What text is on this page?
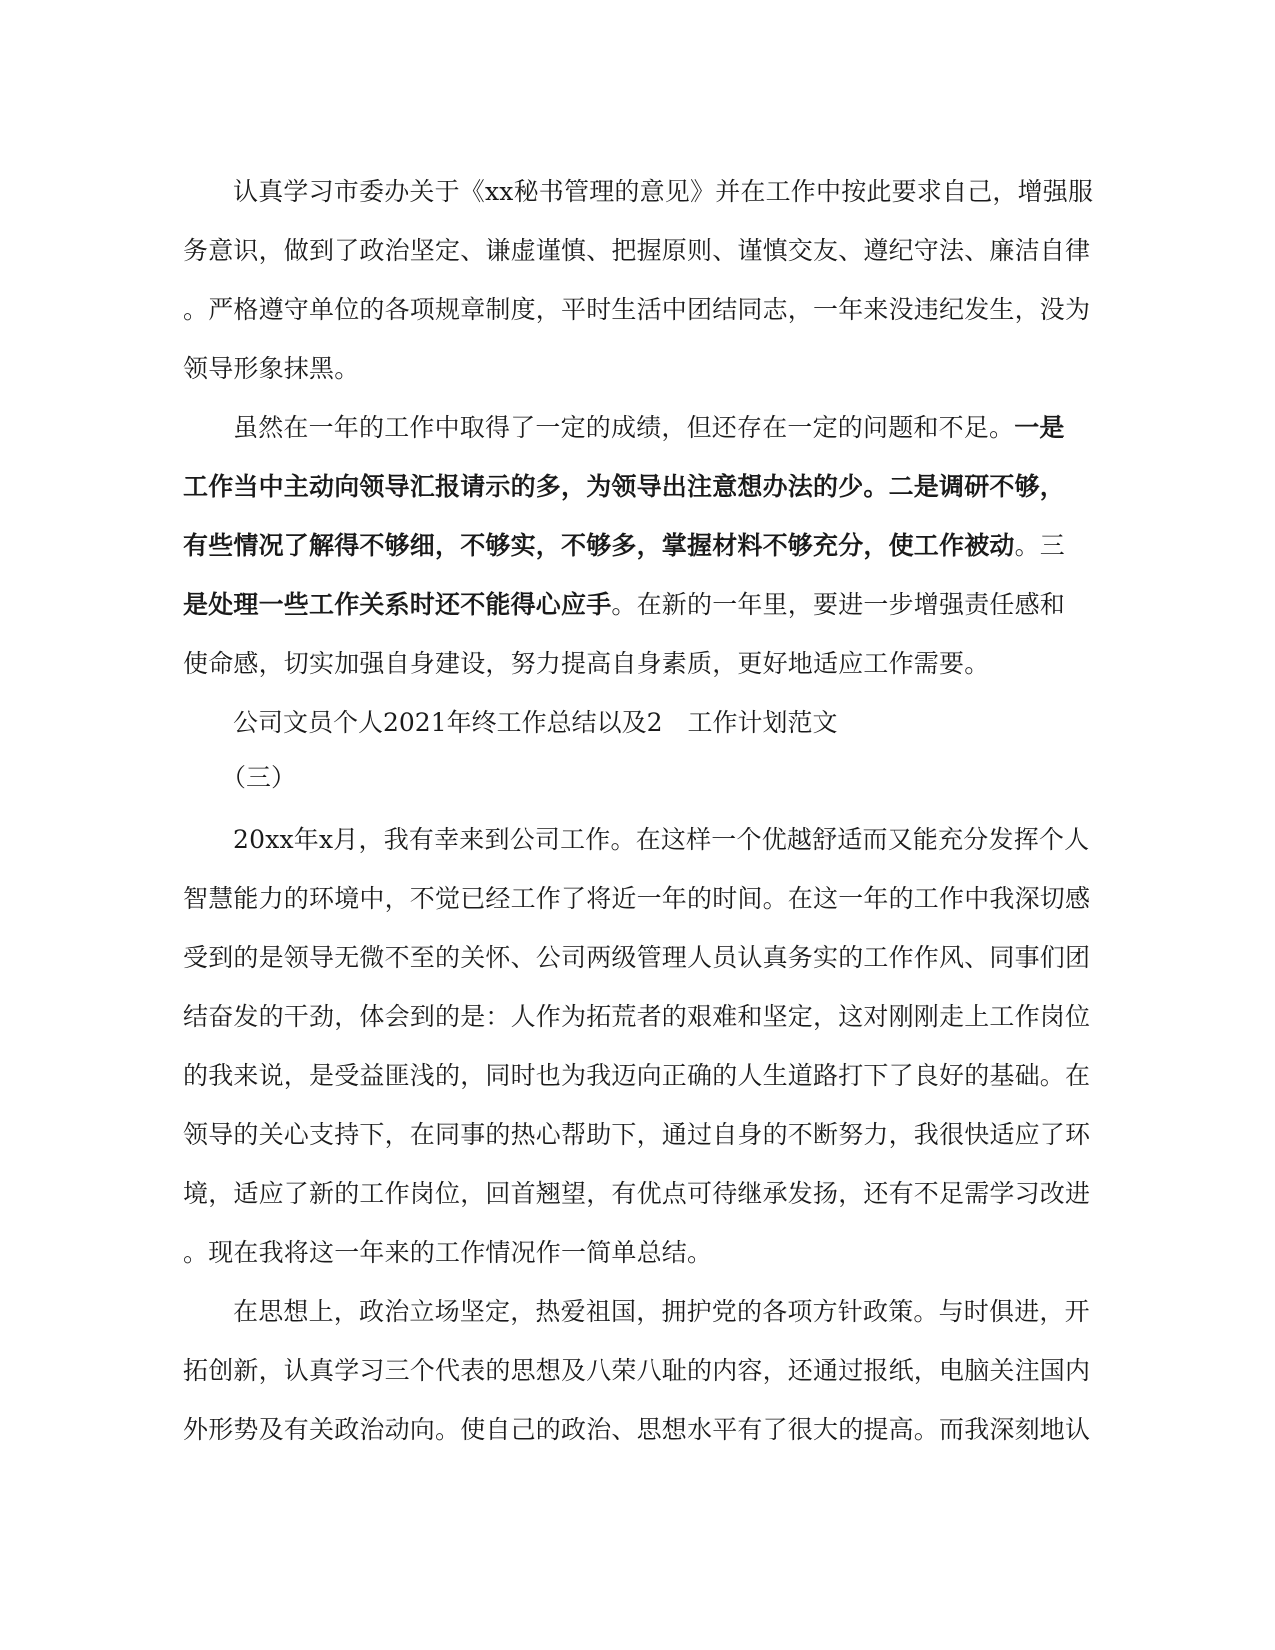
认真学习市委办关于《xx秘书管理的意见》并在工作中按此要求自己，增强服
务意识，做到了政治坚定、谦虚谨慎、把握原则、谨慎交友、遵纪守法、廉洁自律
。严格遵守单位的各项规章制度，平时生活中团结同志，一年来没违纪发生，没为
领导形象抹黑。
虽然在一年的工作中取得了一定的成绩，但还存在一定的问题和不足。一是
工作当中主动向领导汇报请示的多，为领导出注意想办法的少。二是调研不够，
有些情况了解得不够细，不够实，不够多，掌握材料不够充分，使工作被动。三
是处理一些工作关系时还不能得心应手。在新的一年里，要进一步增强责任感和
使命感，切实加强自身建设，努力提高自身素质，更好地适应工作需要。
公司文员个人2021年终工作总结以及2　工作计划范文
（三）
20xx年x月，我有幸来到公司工作。在这样一个优越舒适而又能充分发挥个人
智慧能力的环境中，不觉已经工作了将近一年的时间。在这一年的工作中我深切感
受到的是领导无微不至的关怀、公司两级管理人员认真务实的工作作风、同事们团
结奋发的干劲，体会到的是：人作为拓荒者的艰难和坚定，这对刚刚走上工作岗位
的我来说，是受益匪浅的，同时也为我迈向正确的人生道路打下了良好的基础。在
领导的关心支持下，在同事的热心帮助下，通过自身的不断努力，我很快适应了环
境，适应了新的工作岗位，回首翘望，有优点可待继承发扬，还有不足需学习改进
。现在我将这一年来的工作情况作一简单总结。
在思想上，政治立场坚定，热爱祖国，拥护党的各项方针政策。与时俱进，开
拓创新，认真学习三个代表的思想及八荣八耻的内容，还通过报纸，电脑关注国内
外形势及有关政治动向。使自己的政治、思想水平有了很大的提高。而我深刻地认
